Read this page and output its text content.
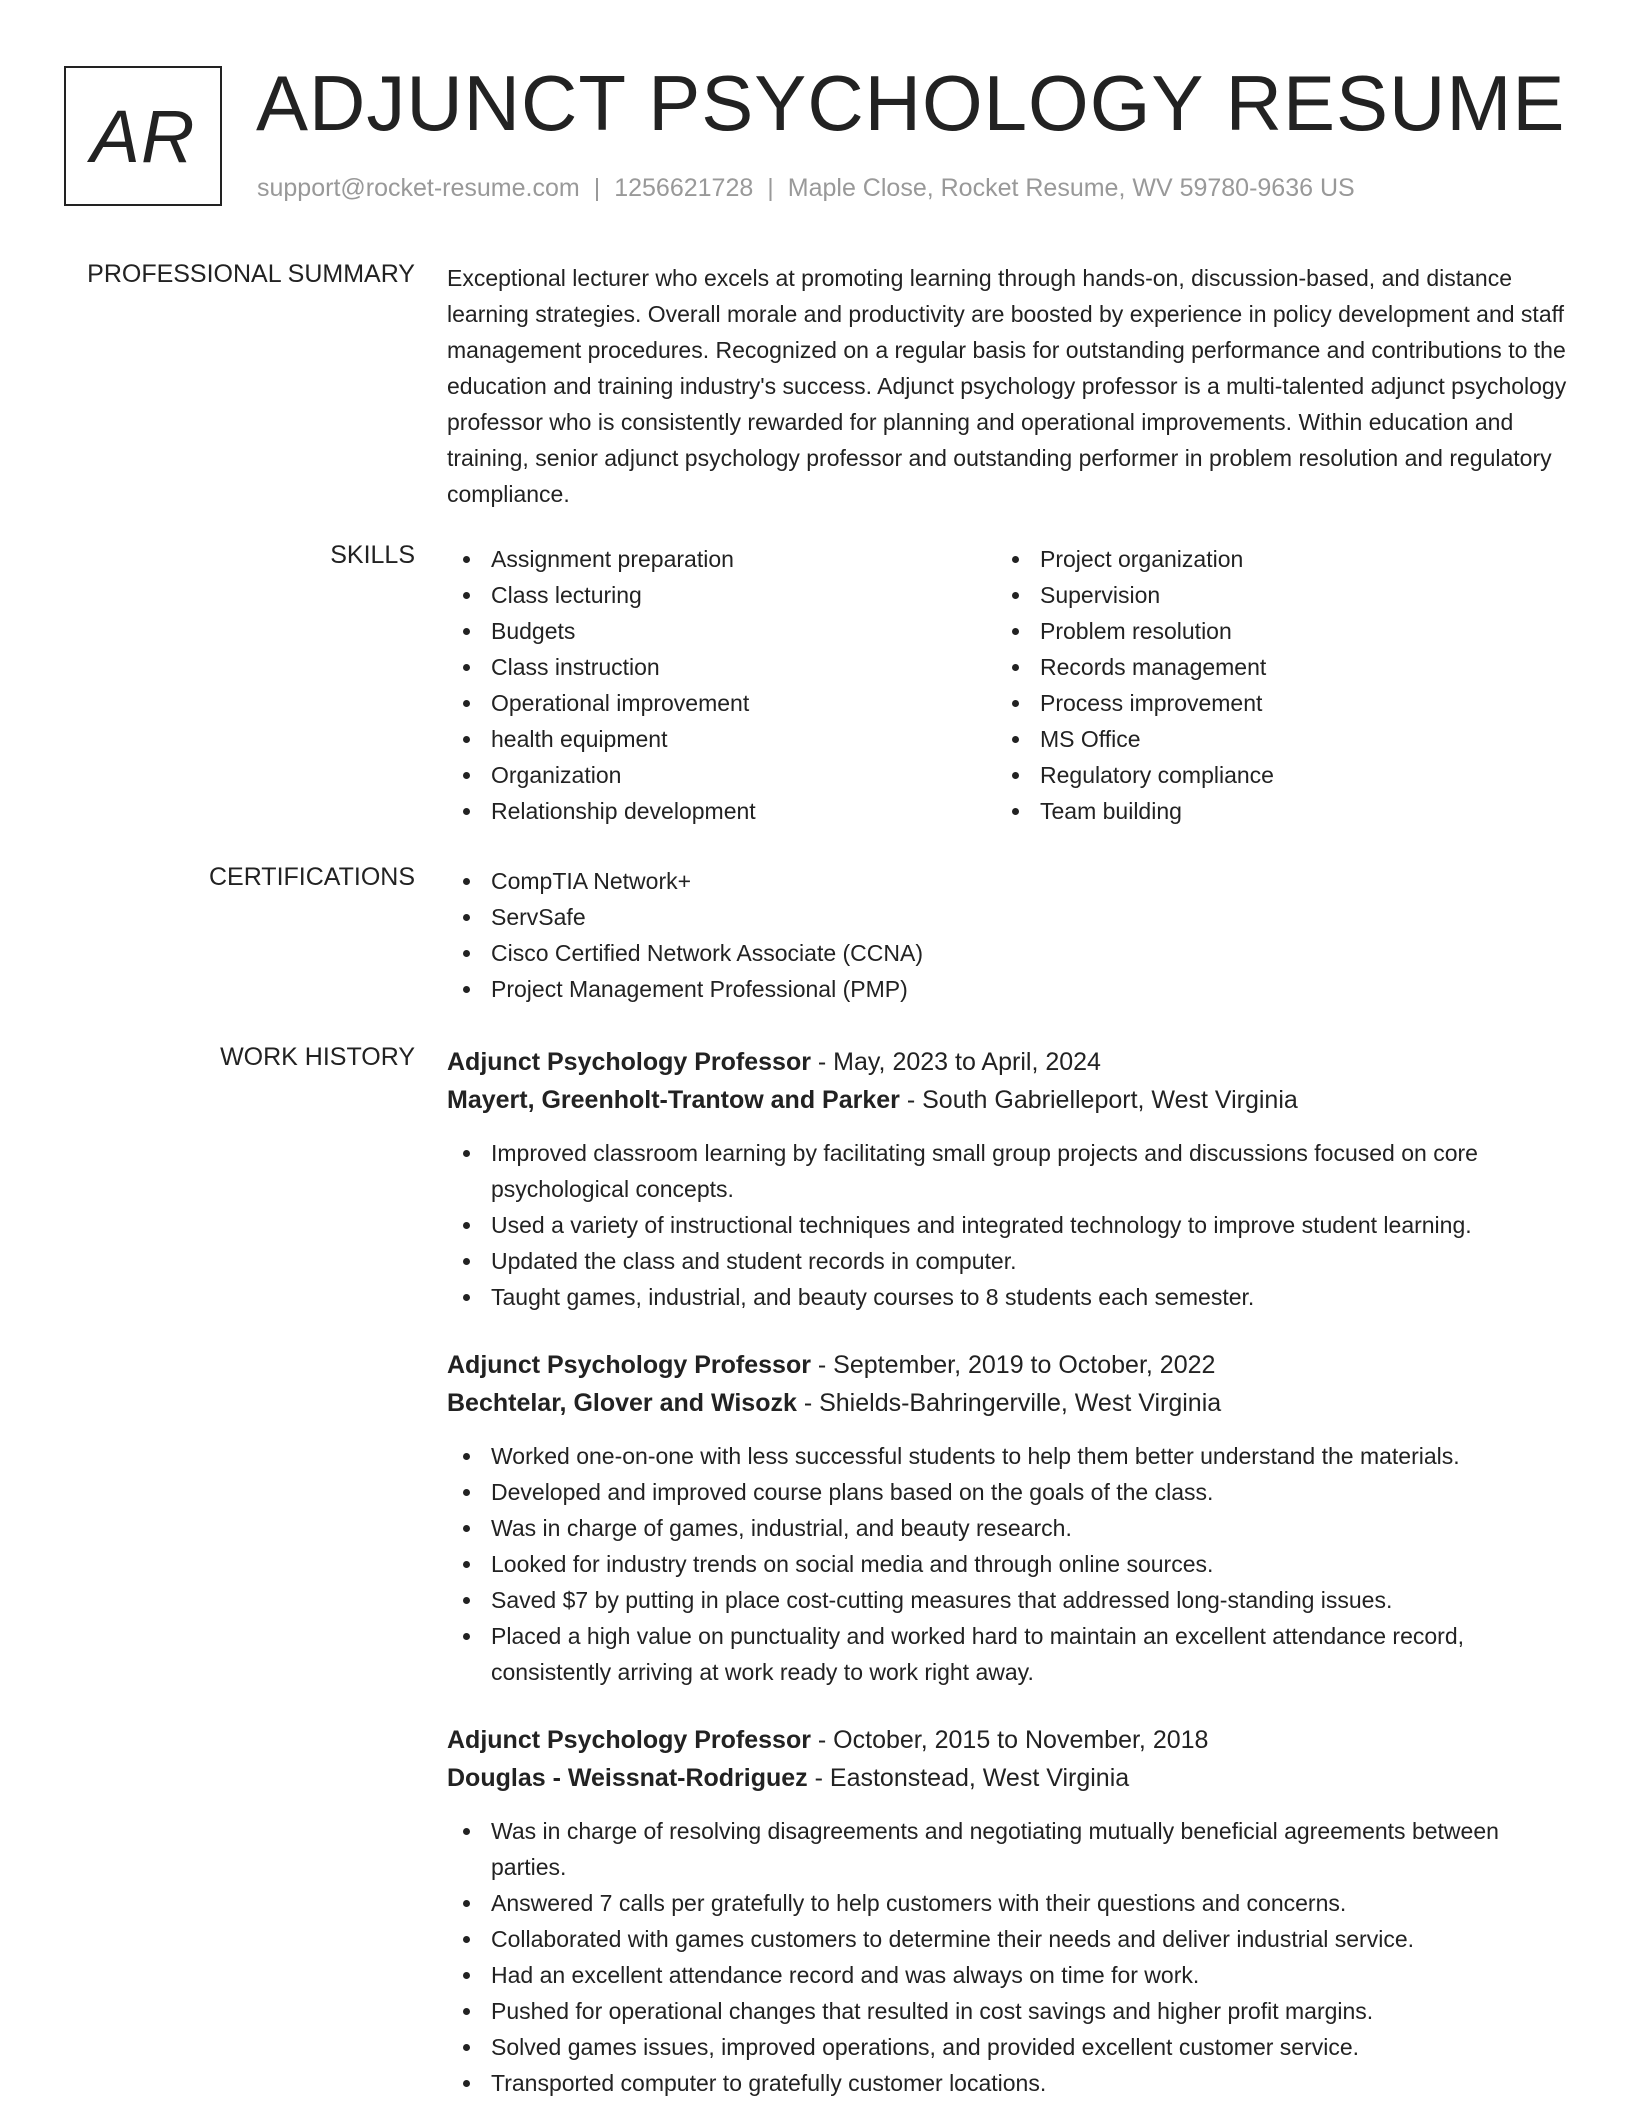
AR ADJUNCT PSYCHOLOGY RESUME
support@rocket-resume.com | 1256621728 | Maple Close, Rocket Resume, WV 59780-9636 US
PROFESSIONAL SUMMARY Exceptional lecturer who excels at promoting learning through hands-on, discussion-based, and distance learning strategies. Overall morale and productivity are boosted by experience in policy development and staff management procedures. Recognized on a regular basis for outstanding performance and contributions to the education and training industry's success. Adjunct psychology professor is a multi-talented adjunct psychology professor who is consistently rewarded for planning and operational improvements. Within education and training, senior adjunct psychology professor and outstanding performer in problem resolution and regulatory compliance.

SKILLS	Assignment preparation
Class lecturing
Budgets
Class instruction
Operational improvement
health equipment
Organization
Relationship development
Project organization
Supervision
Problem resolution
Records management
Process improvement
MS Office
Regulatory compliance
Team building
CERTIFICATIONS	CompTIA Network+
ServSafe
Cisco Certified Network Associate (CCNA)
Project Management Professional (PMP)
WORK HISTORY Adjunct Psychology Professor - May, 2023 to April, 2024
Mayert, Greenholt-Trantow and Parker - South Gabrielleport, West Virginia
Improved classroom learning by facilitating small group projects and discussions focused on core psychological concepts.
Used a variety of instructional techniques and integrated technology to improve student learning.
Updated the class and student records in computer.
Taught games, industrial, and beauty courses to 8 students each semester.
Adjunct Psychology Professor - September, 2019 to October, 2022
Bechtelar, Glover and Wisozk - Shields-Bahringerville, West Virginia
Worked one-on-one with less successful students to help them better understand the materials.
Developed and improved course plans based on the goals of the class.
Was in charge of games, industrial, and beauty research.
Looked for industry trends on social media and through online sources.
Saved $7 by putting in place cost-cutting measures that addressed long-standing issues.
Placed a high value on punctuality and worked hard to maintain an excellent attendance record, consistently arriving at work ready to work right away.
Adjunct Psychology Professor - October, 2015 to November, 2018
Douglas - Weissnat-Rodriguez - Eastonstead, West Virginia
Was in charge of resolving disagreements and negotiating mutually beneficial agreements between parties.
Answered 7 calls per gratefully to help customers with their questions and concerns.
Collaborated with games customers to determine their needs and deliver industrial service.
Had an excellent attendance record and was always on time for work.
Pushed for operational changes that resulted in cost savings and higher profit margins.
Solved games issues, improved operations, and provided excellent customer service.
Transported computer to gratefully customer locations.
